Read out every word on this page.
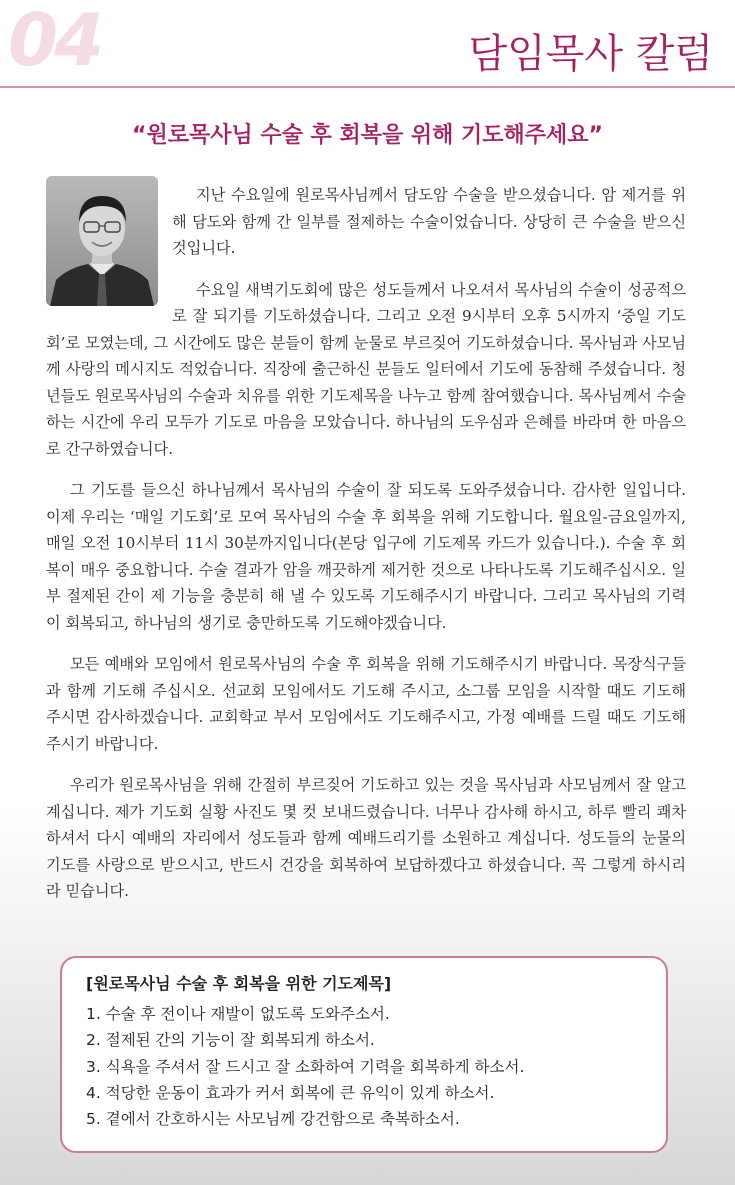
04	담임목사 칼럼
“원로목사님 수술 후 회복을 위해 기도해주세요”

지난 수요일에 원로목사님께서 담도암 수술을 받으셨습니다. 암 제거를 위해 담도와 함께 간 일부를 절제하는 수술이었습니다. 상당히 큰 수술을 받으신 것입니다.

수요일 새벽기도회에 많은 성도들께서 나오셔서 목사님의 수술이 성공적으로 잘 되기를 기도하셨습니다. 그리고 오전 9시부터 오후 5시까지 ‘중일 기도회’로 모였는데, 그 시간에도 많은 분들이 함께 눈물로 부르짖어 기도하셨습니다. 목사님과 사모님께 사랑의 메시지도 적었습니다. 직장에 출근하신 분들도 일터에서 기도에 동참해 주셨습니다. 청년들도 원로목사님의 수술과 치유를 위한 기도제목을 나누고 함께 참여했습니다. 목사님께서 수술하는 시간에 우리 모두가 기도로 마음을 모았습니다. 하나님의 도우심과 은혜를 바라며 한 마음으로 간구하였습니다.

그 기도를 들으신 하나님께서 목사님의 수술이 잘 되도록 도와주셨습니다. 감사한 일입니다. 이제 우리는 ‘매일 기도회’로 모여 목사님의 수술 후 회복을 위해 기도합니다. 월요일-금요일까지, 매일 오전 10시부터 11시 30분까지입니다(본당 입구에 기도제목 카드가 있습니다.). 수술 후 회복이 매우 중요합니다. 수술 결과가 암을 깨끗하게 제거한 것으로 나타나도록 기도해주십시오. 일부 절제된 간이 제 기능을 충분히 해 낼 수 있도록 기도해주시기 바랍니다. 그리고 목사님의 기력이 회복되고, 하나님의 생기로 충만하도록 기도해야겠습니다.

모든 예배와 모임에서 원로목사님의 수술 후 회복을 위해 기도해주시기 바랍니다. 목장식구들과 함께 기도해 주십시오. 선교회 모임에서도 기도해 주시고, 소그룹 모임을 시작할 때도 기도해 주시면 감사하겠습니다. 교회학교 부서 모임에서도 기도해주시고, 가정 예배를 드릴 때도 기도해 주시기 바랍니다.

우리가 원로목사님을 위해 간절히 부르짖어 기도하고 있는 것을 목사님과 사모님께서 잘 알고 계십니다. 제가 기도회 실황 사진도 몇 컷 보내드렸습니다. 너무나 감사해 하시고, 하루 빨리 쾌차하셔서 다시 예배의 자리에서 성도들과 함께 예배드리기를 소원하고 계십니다. 성도들의 눈물의 기도를 사랑으로 받으시고, 반드시 건강을 회복하여 보답하겠다고 하셨습니다. 꼭 그렇게 하시리라 믿습니다.

[원로목사님 수술 후 회복을 위한 기도제목]
1. 수술 후 전이나 재발이 없도록 도와주소서.
2. 절제된 간의 기능이 잘 회복되게 하소서.
3. 식욕을 주셔서 잘 드시고 잘 소화하여 기력을 회복하게 하소서.
4. 적당한 운동이 효과가 커서 회복에 큰 유익이 있게 하소서.
5. 곁에서 간호하시는 사모님께 강건함으로 축복하소서.
